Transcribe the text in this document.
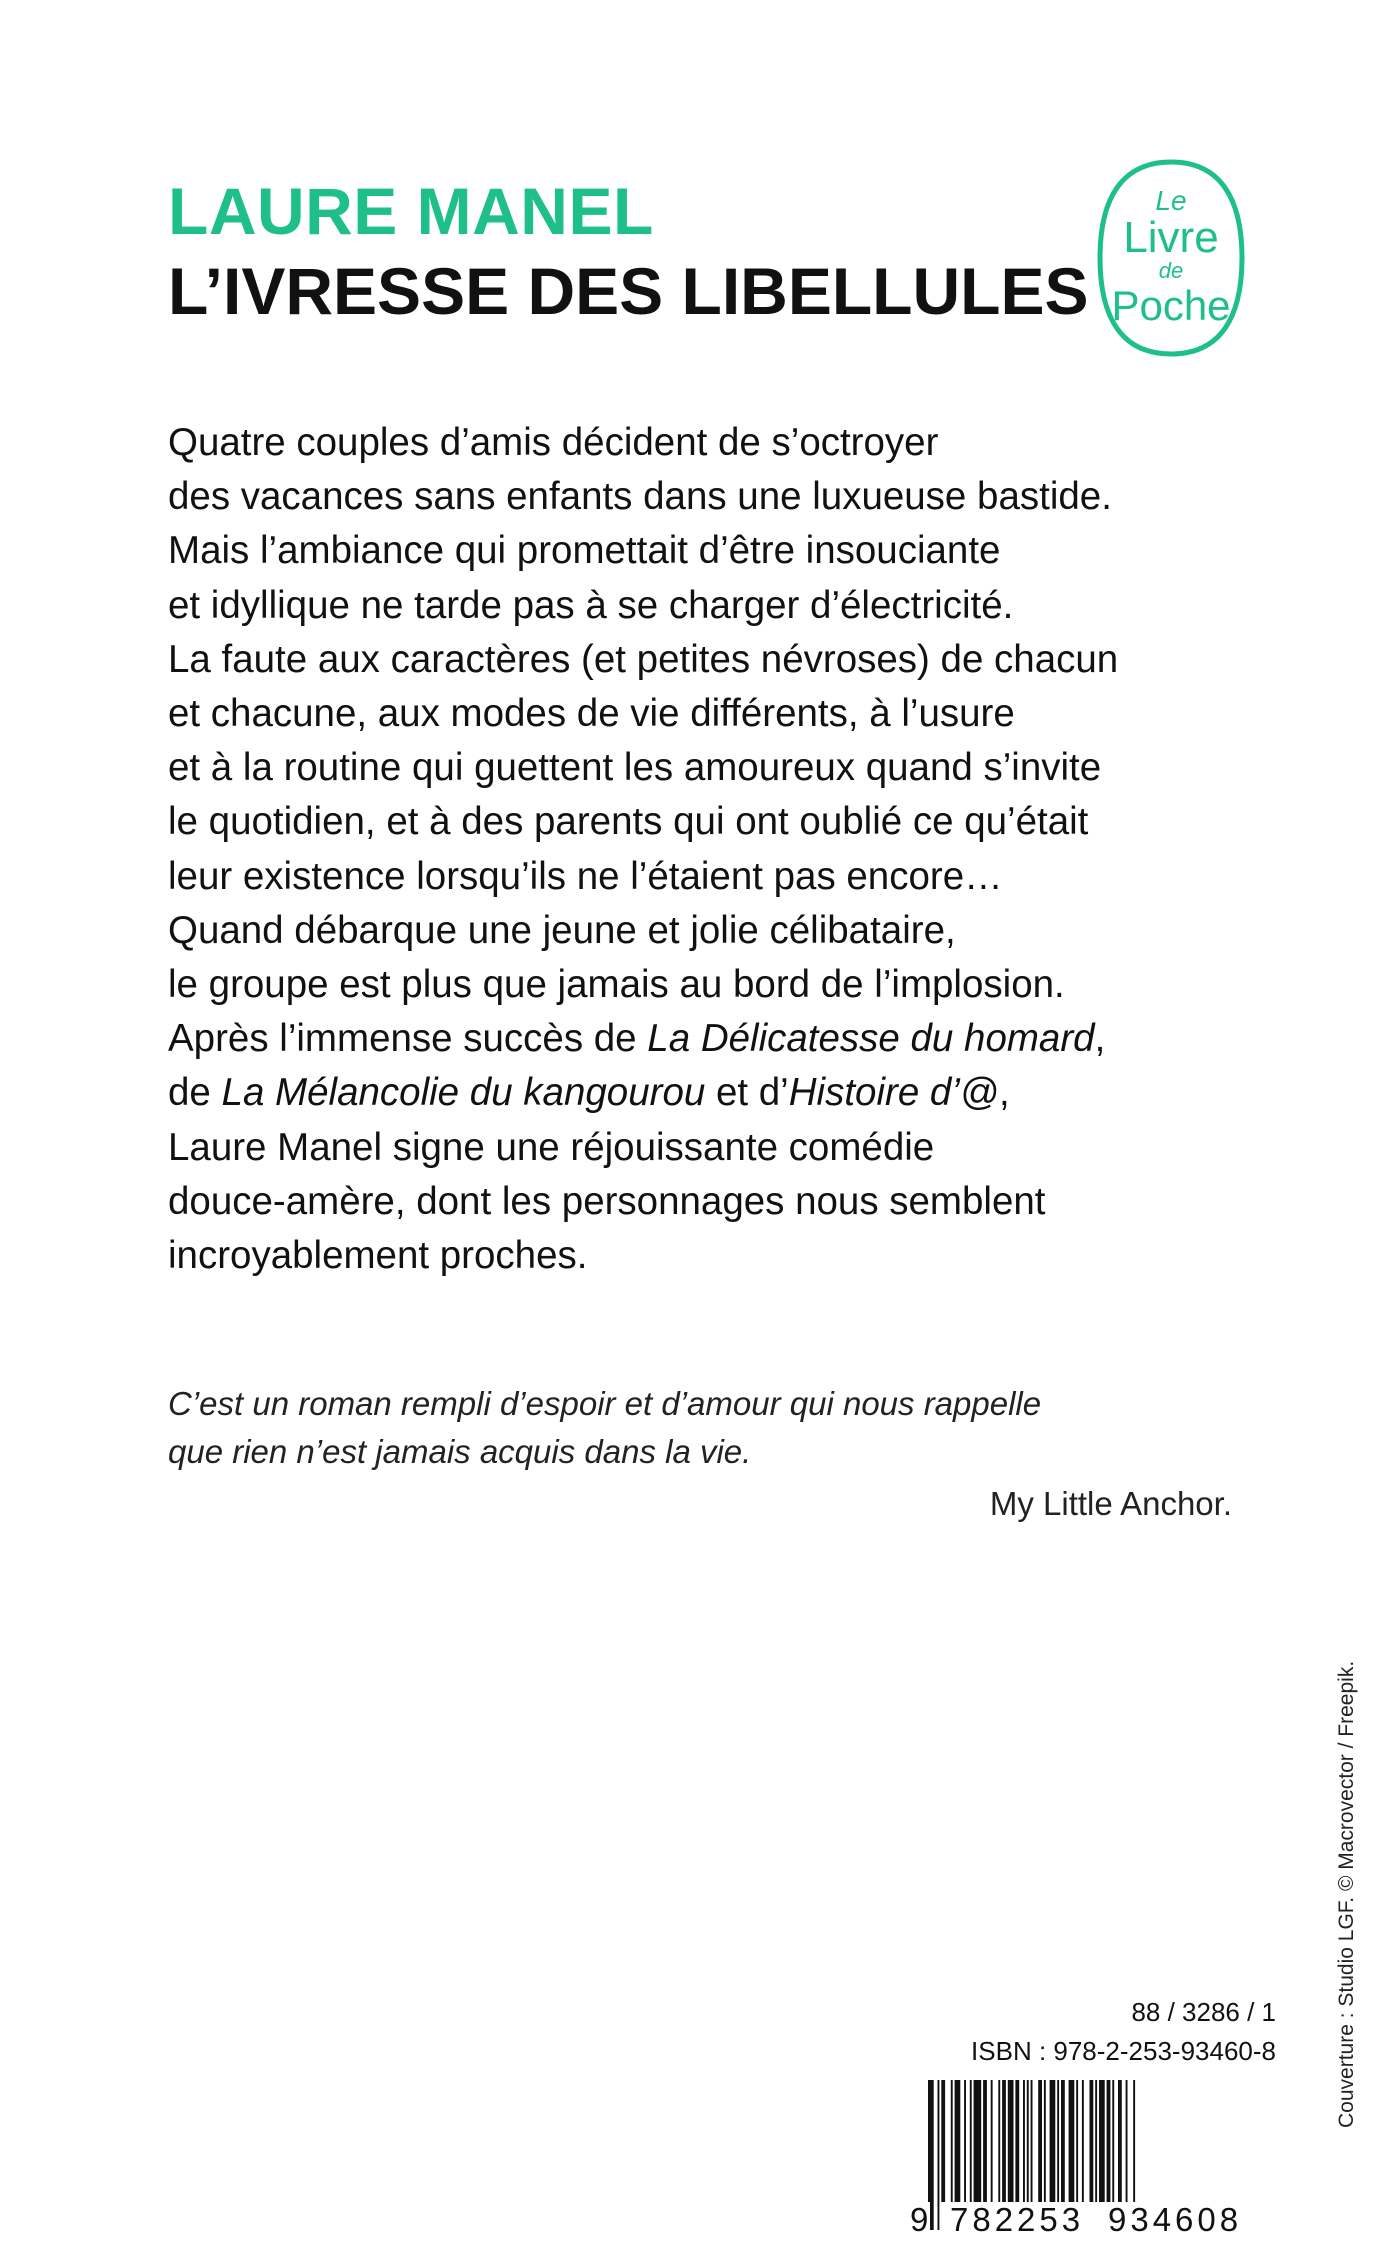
LAURE MANEL
L’IVRESSE DES LIBELLULES
Le
Livre
de
Poche
Quatre couples d’amis décident de s’octroyer
des vacances sans enfants dans une luxueuse bastide.
Mais l’ambiance qui promettait d’être insouciante
et idyllique ne tarde pas à se charger d’électricité.
La faute aux caractères (et petites névroses) de chacun
et chacune, aux modes de vie différents, à l’usure
et à la routine qui guettent les amoureux quand s’invite
le quotidien, et à des parents qui ont oublié ce qu’était
leur existence lorsqu’ils ne l’étaient pas encore…
Quand débarque une jeune et jolie célibataire,
le groupe est plus que jamais au bord de l’implosion.
Après l’immense succès de La Délicatesse du homard,
de La Mélancolie du kangourou et d’Histoire d’@,
Laure Manel signe une réjouissante comédie
douce-amère, dont les personnages nous semblent
incroyablement proches.
C’est un roman rempli d’espoir et d’amour qui nous rappelle
que rien n’est jamais acquis dans la vie.
My Little Anchor.
Couverture : Studio LGF. © Macrovector / Freepik.
88 / 3286 / 1
ISBN : 978-2-253-93460-8
9 782253 934608
